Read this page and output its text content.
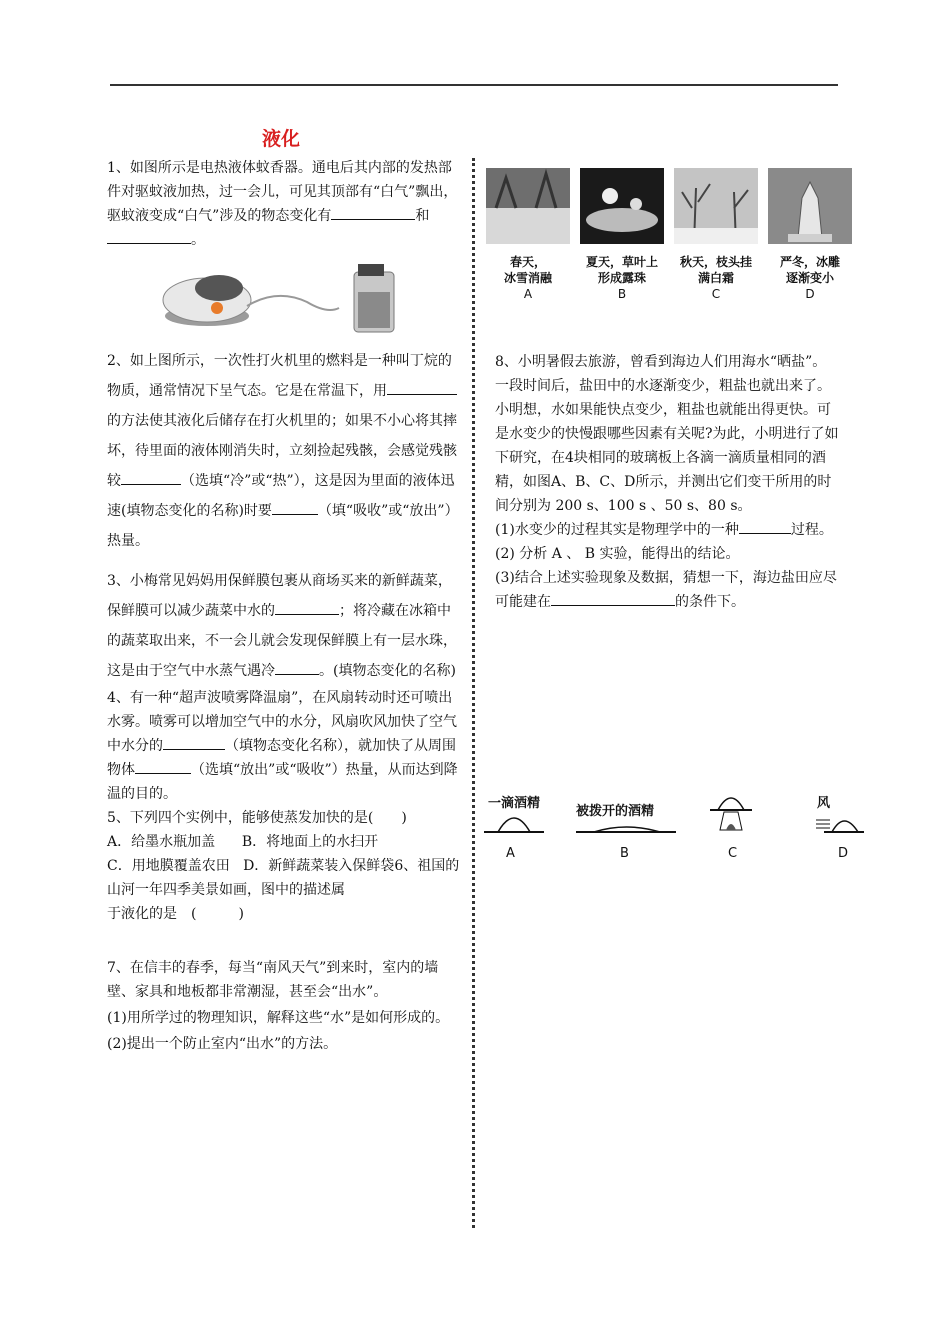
液化

1、如图所示是电热液体蚊香器。通电后其内部的发热部件对驱蚊液加热，过一会儿，可见其顶部有“白气”飘出，驱蚊液变成“白气”涉及的物态变化有	和。

2、如上图所示，一次性打火机里的燃料是一种叫丁烷的物质，通常情况下呈气态。它是在常温下，用的方法使其液化后储存在打火机里的；如果不小心将其摔坏，待里面的液体刚消失时，立刻捡起残骸，会感觉残骸较	（选填“冷”或“热”），这是因为里面的液体迅速(填物态变化的名称)时要	（填“吸收”或“放出”）热量。

3、小梅常见妈妈用保鲜膜包裹从商场买来的新鲜蔬菜，保鲜膜可以减少蔬菜中水的	；将冷藏在冰箱中的蔬菜取出来，不一会儿就会发现保鲜膜上有一层水珠，这是由于空气中水蒸气遇冷	。(填物态变化的名称)

4、有一种“超声波喷雾降温扇”，在风扇转动时还可喷出水雾。喷雾可以增加空气中的水分，风扇吹风加快了空气中水分的	（填物态变化名称），就加快了从周围物体	（选填“放出”或“吸收”）热量，从而达到降温的目的。

5、下列四个实例中，能够使蒸发加快的是(　　)

A．给墨水瓶加盖 B．将地面上的水扫开

C．用地膜覆盖农田 D．新鲜蔬菜装入保鲜袋6、祖国的山河一年四季美景如画，图中的描述属

于液化的是　(　　　)

7、在信丰的春季，每当“南风天气”到来时，室内的墙壁、家具和地板都非常潮湿，甚至会“出水”。

(1)用所学过的物理知识，解释这些“水”是如何形成的。

(2)提出一个防止室内“出水”的方法。

春天，
冰雪消融
A
夏天，草叶上
形成露珠
B
秋天，枝头挂
满白霜
C
严冬，冰雕
逐渐变小
D

8、小明暑假去旅游，曾看到海边人们用海水“晒盐”。一段时间后，盐田中的水逐渐变少，粗盐也就出来了。小明想，水如果能快点变少，粗盐也就能出得更快。可是水变少的快慢跟哪些因素有关呢?为此，小明进行了如下研究，在4块相同的玻璃板上各滴一滴质量相同的酒精，如图A、B、C、D所示，并测出它们变干所用的时间分别为 200 s、100 s 、50 s、80 s。

(1)水变少的过程其实是物理学中的一种	过程。

(2) 分析 A 、 B 实验，能得出的结论。

(3)结合上述实验现象及数据，猜想一下，海边盐田应尽可能建在	的条件下。

一滴酒精
被拨开的酒精
风
A	B	C	D
